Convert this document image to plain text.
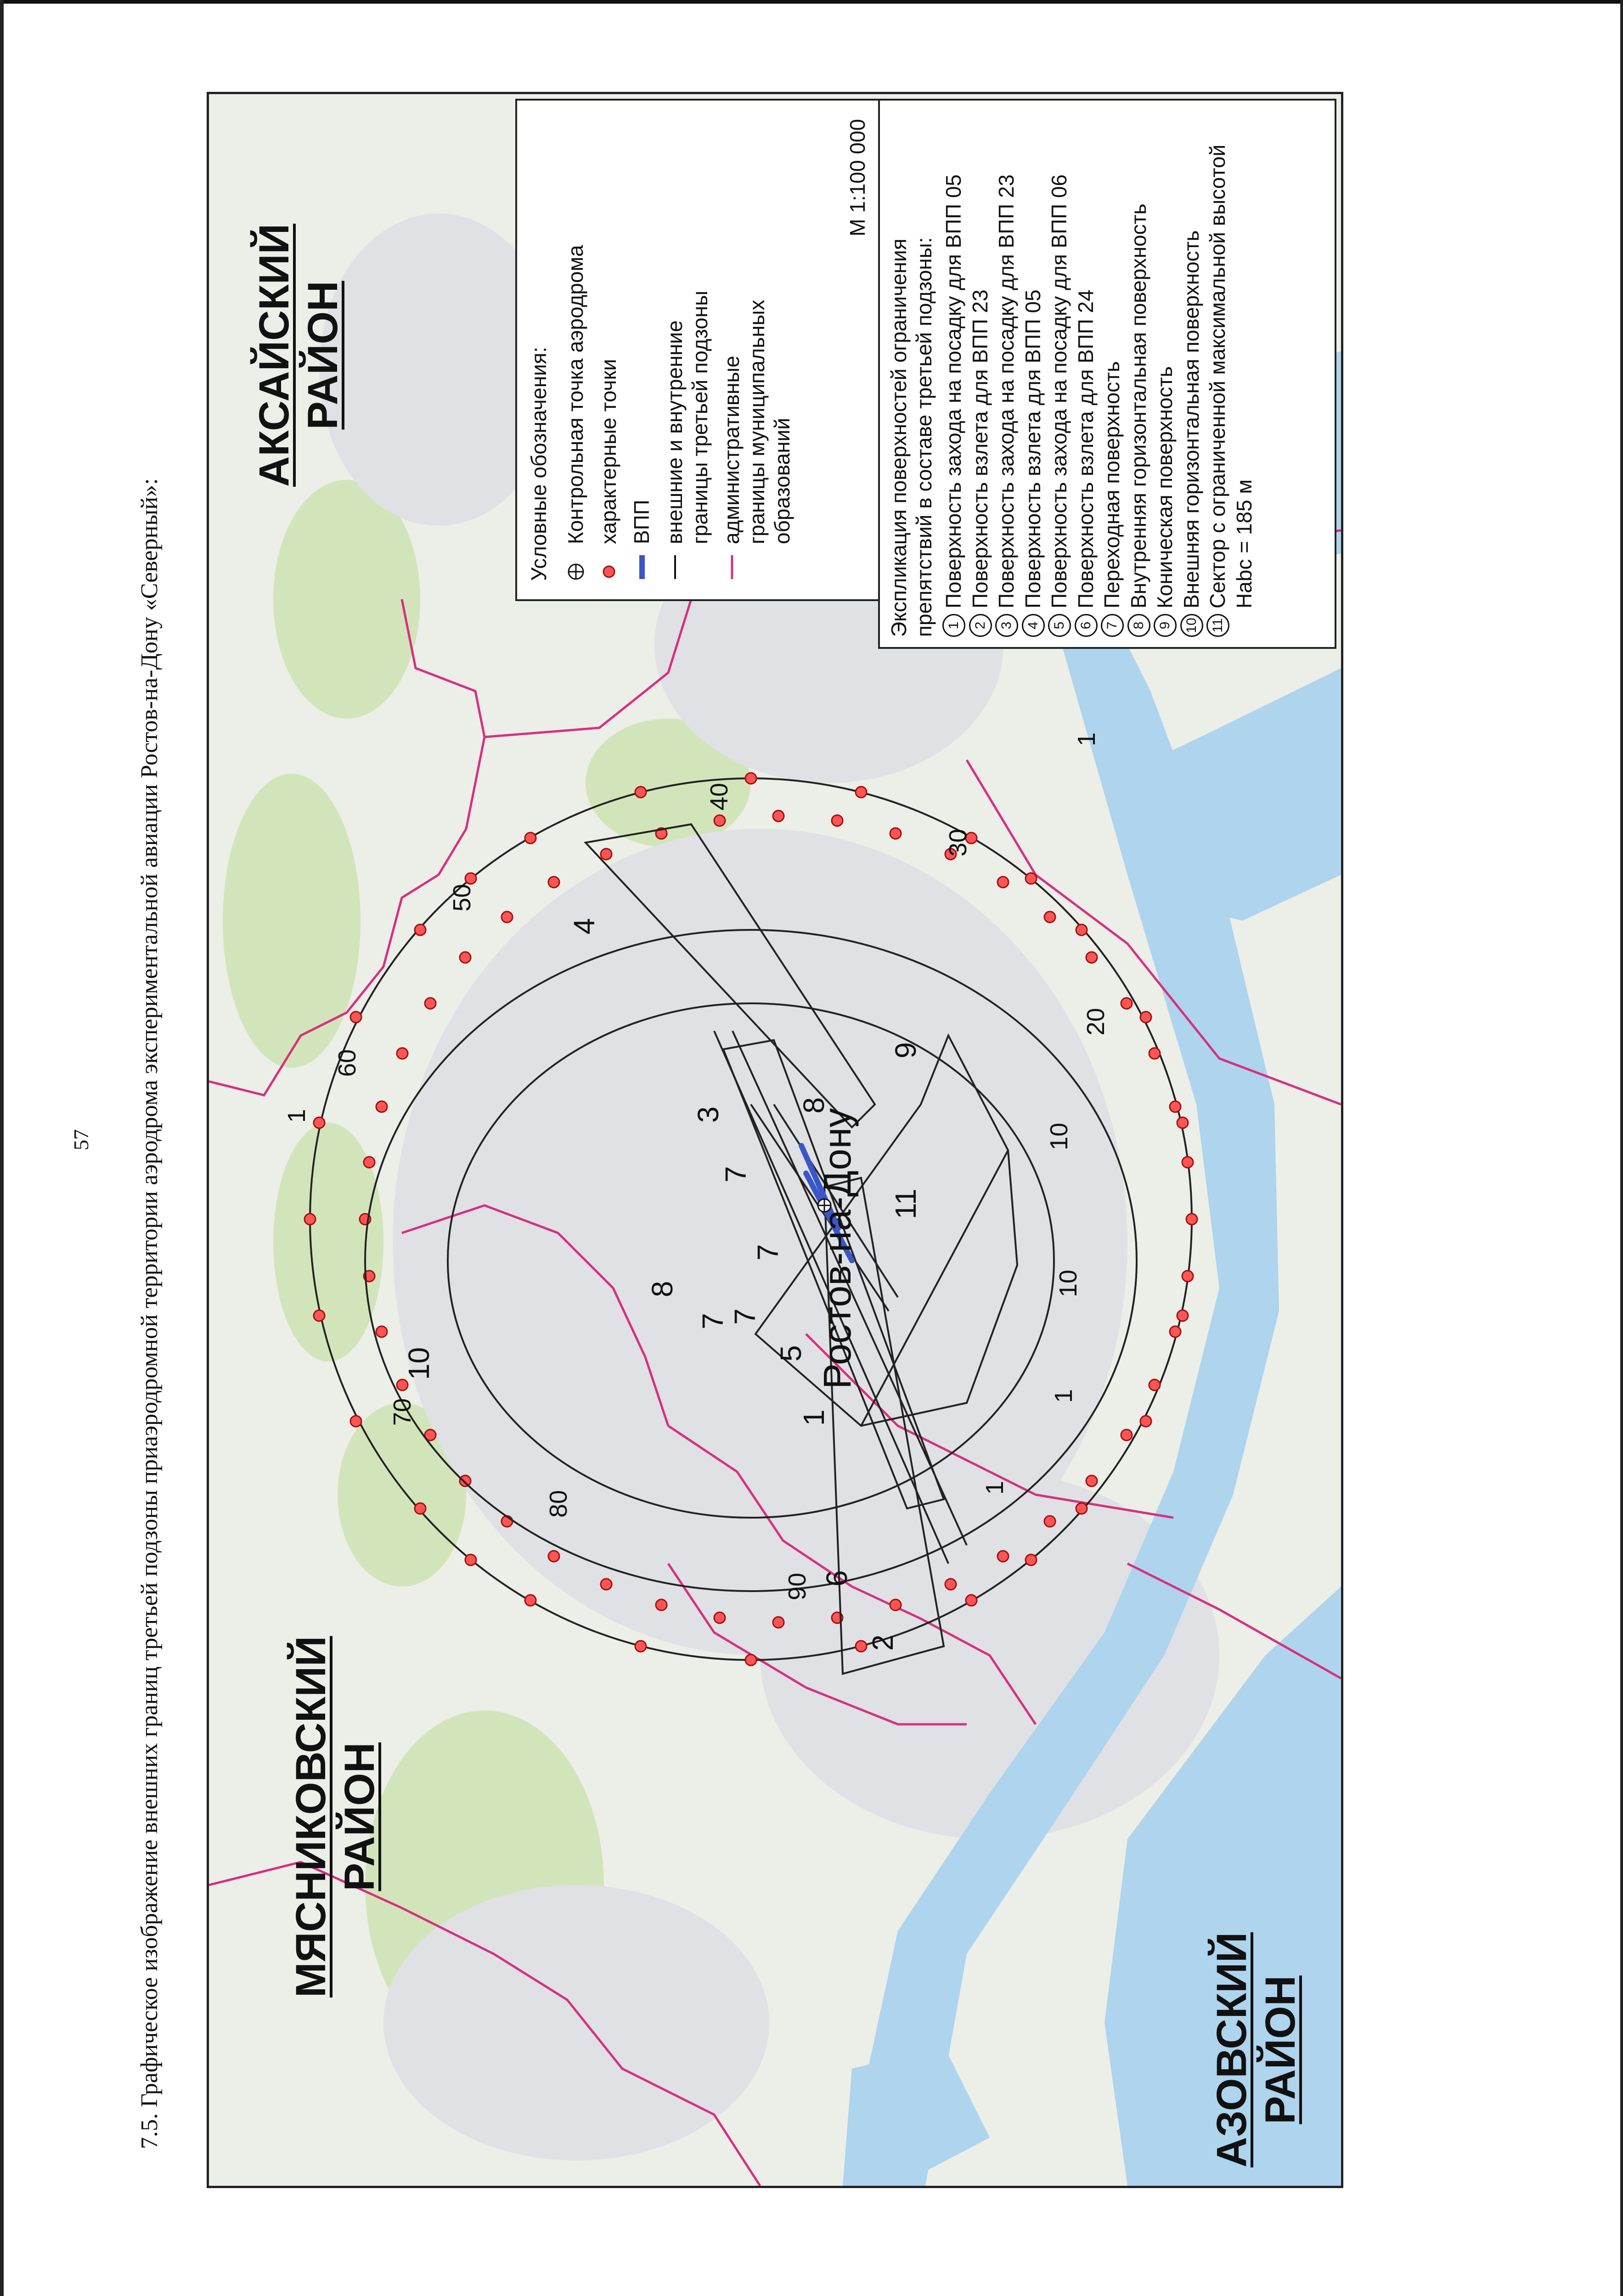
57 7.5. Графическое изображение внешних границ третьей подзоны приаэродромной территории аэродрома экспериментальной авиации Ростов-на-Дону «Северный»:	1
2
3
4
5
6
7
7
7
7
8
8
9
10
11
1
1
1
1
10
10
20
30
40
50
60
70
80
90
Ростов-на-Дону
АКСАЙСКИЙ РАЙОН
МЯСНИКОВСКИЙ РАЙОН
АЗОВСКИЙ РАЙОН
Условные обозначения: Контрольная точка аэродрома характерные точки ВПП внешние и внутренние границы третьей подзоны административные границы муниципальных образований
М 1:100 000
Экспликация поверхностей ограничения препятствий в составе третьей подзоны: 1
Поверхность захода на посадку для ВПП 05
2
Поверхность взлета для ВПП 23
3
Поверхность захода на посадку для ВПП 23
4
Поверхность взлета для ВПП 05
5
Поверхность захода на посадку для ВПП 06
6
Поверхность взлета для ВПП 24
7
Переходная поверхность
8
Внутренняя горизонтальная поверхность
9
Коническая поверхность
10
Внешняя горизонтальная поверхность
11
Сектор с ограниченной максимальной высотой Наbс = 185 м
